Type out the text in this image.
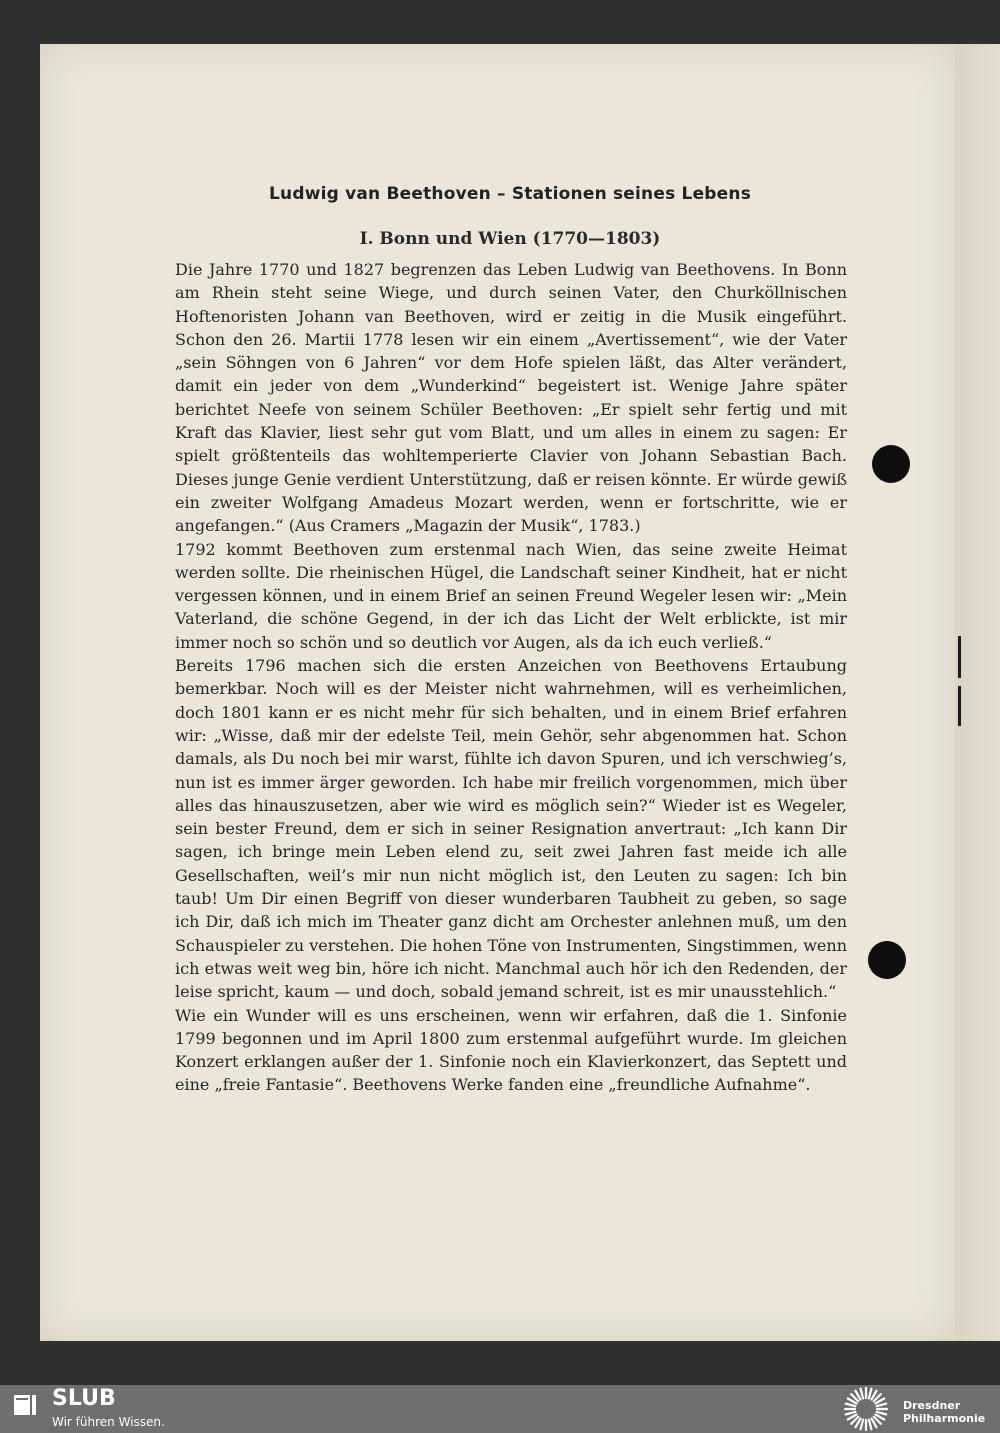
Ludwig van Beethoven – Stationen seines Lebens
I. Bonn und Wien (1770—1803)

Die Jahre 1770 und 1827 begrenzen das Leben Ludwig van Beethovens. In Bonn am Rhein steht seine Wiege, und durch seinen Vater, den Churköllnischen Hoftenoristen Johann van Beethoven, wird er zeitig in die Musik eingeführt. Schon den 26. Martii 1778 lesen wir ein einem „Avertissement“, wie der Vater „sein Söhngen von 6 Jahren“ vor dem Hofe spielen läßt, das Alter verändert, damit ein jeder von dem „Wunderkind“ begeistert ist. Wenige Jahre später berichtet Neefe von seinem Schüler Beethoven: „Er spielt sehr fertig und mit Kraft das Klavier, liest sehr gut vom Blatt, und um alles in einem zu sagen: Er spielt größtenteils das wohltemperierte Clavier von Johann Sebastian Bach. Dieses junge Genie verdient Unterstützung, daß er reisen könnte. Er würde gewiß ein zweiter Wolfgang Amadeus Mozart werden, wenn er fortschritte, wie er angefangen.“ (Aus Cramers „Magazin der Musik“, 1783.)

1792 kommt Beethoven zum erstenmal nach Wien, das seine zweite Heimat werden sollte. Die rheinischen Hügel, die Landschaft seiner Kindheit, hat er nicht vergessen können, und in einem Brief an seinen Freund Wegeler lesen wir: „Mein Vaterland, die schöne Gegend, in der ich das Licht der Welt erblickte, ist mir immer noch so schön und so deutlich vor Augen, als da ich euch verließ.“

Bereits 1796 machen sich die ersten Anzeichen von Beethovens Ertaubung bemerkbar. Noch will es der Meister nicht wahrnehmen, will es verheimlichen, doch 1801 kann er es nicht mehr für sich behalten, und in einem Brief erfahren wir: „Wisse, daß mir der edelste Teil, mein Gehör, sehr abgenommen hat. Schon damals, als Du noch bei mir warst, fühlte ich davon Spuren, und ich verschwieg’s, nun ist es immer ärger geworden. Ich habe mir freilich vorgenommen, mich über alles das hinauszusetzen, aber wie wird es möglich sein?“ Wieder ist es Wegeler, sein bester Freund, dem er sich in seiner Resignation anvertraut: „Ich kann Dir sagen, ich bringe mein Leben elend zu, seit zwei Jahren fast meide ich alle Gesellschaften, weil’s mir nun nicht möglich ist, den Leuten zu sagen: Ich bin taub! Um Dir einen Begriff von dieser wunderbaren Taubheit zu geben, so sage ich Dir, daß ich mich im Theater ganz dicht am Orchester anlehnen muß, um den Schauspieler zu verstehen. Die hohen Töne von Instrumenten, Singstimmen, wenn ich etwas weit weg bin, höre ich nicht. Manchmal auch hör ich den Redenden, der leise spricht, kaum — und doch, sobald jemand schreit, ist es mir unausstehlich.“

Wie ein Wunder will es uns erscheinen, wenn wir erfahren, daß die 1. Sinfonie 1799 begonnen und im April 1800 zum erstenmal aufgeführt wurde. Im gleichen Konzert erklangen außer der 1. Sinfonie noch ein Klavierkonzert, das Septett und eine „freie Fantasie“. Beethovens Werke fanden eine „freundliche Aufnahme“.

SLUB

Wir führen Wissen.

Dresdner

Philharmonie
